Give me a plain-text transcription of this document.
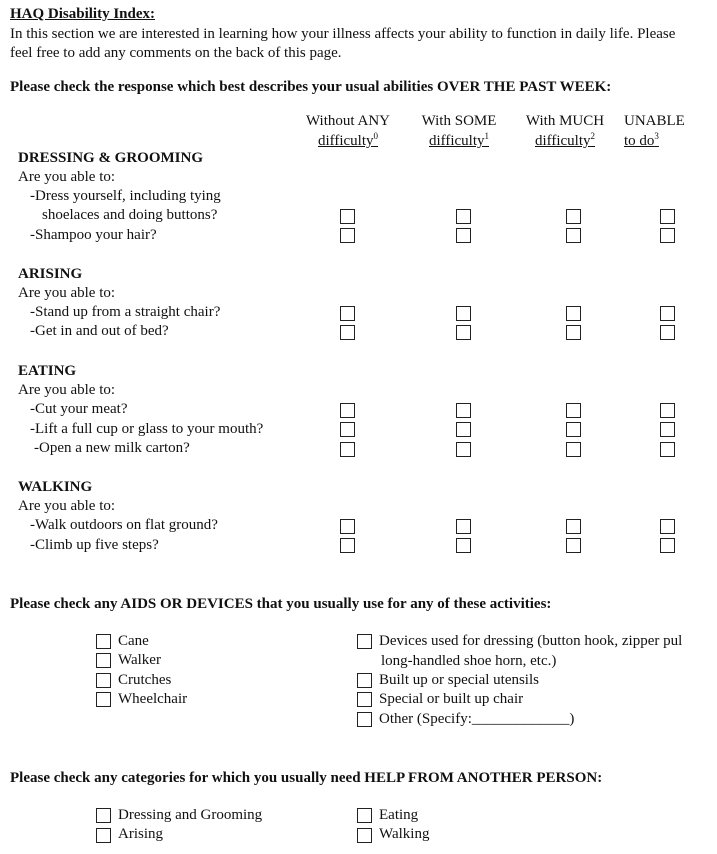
HAQ Disability Index:
In this section we are interested in learning how your illness affects your ability to function in daily life. Please feel free to add any comments on the back of this page.
Please check the response which best describes your usual abilities OVER THE PAST WEEK:
Without ANY
difficulty$^0$
With SOME
difficulty$^1$
With MUCH
difficulty$^2$
UNABLE
to $do^3$
DRESSING & GROOMING
Are you able to:
-Dress yourself, including tying
shoelaces and doing buttons?
-Shampoo your hair?
ARISING
Are you able to:
-Stand up from a straight chair?
-Get in and out of bed?
EATING
Are you able to:
-Cut your meat?
-Lift a full cup or glass to your mouth?
-Open a new milk carton?
WALKING
Are you able to:
-Walk outdoors on flat ground?
-Climb up five steps?
Please check any AIDS OR DEVICES that you usually use for any of these activities:
Cane
Walker
Crutches
Wheelchair
Devices used for dressing (button hook, zipper pul
long-handled shoe horn, etc.)
Built up or special utensils
Special or built up chair
Other (Specify:_____________)
Please check any categories for which you usually need HELP FROM ANOTHER PERSON:
Dressing and Grooming
Arising
Eating
Walking
